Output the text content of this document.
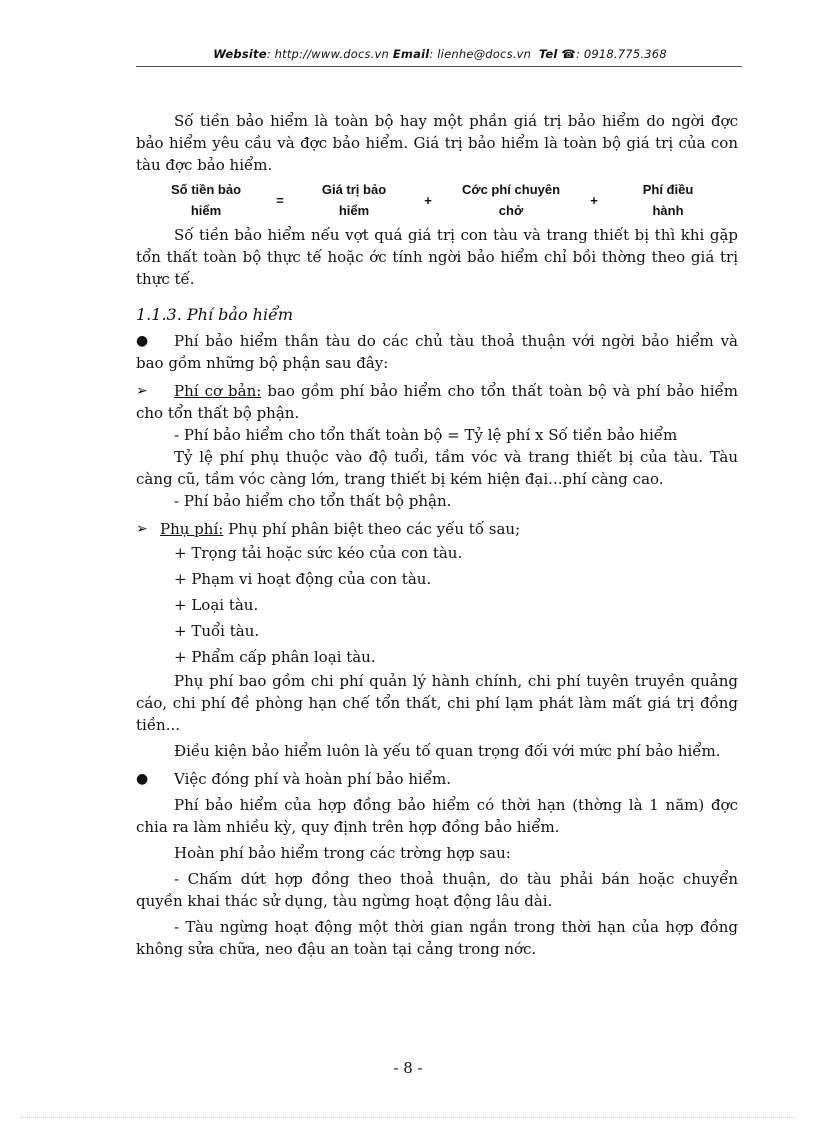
Website: http://www.docs.vn Email: lienhe@docs.vn Tel ☎: 0918.775.368

Số tiền bảo hiểm là toàn bộ hay một phần giá trị bảo hiểm do ngời đợc bảo hiểm yêu cầu và đợc bảo hiểm. Giá trị bảo hiểm là toàn bộ giá trị của con tàu đợc bảo hiểm.

Số tiền bảo
hiểm
=
Giá trị bảo
hiểm
+
Cớc phí chuyên
chở
+
Phí điều
hành

Số tiền bảo hiểm nếu vợt quá giá trị con tàu và trang thiết bị thì khi gặp tổn thất toàn bộ thực tế hoặc ớc tính ngời bảo hiểm chỉ bồi thờng theo giá trị thực tế.

1.1.3. Phí bảo hiểm

● Phí bảo hiểm thân tàu do các chủ tàu thoả thuận với ngời bảo hiểm và bao gồm những bộ phận sau đây:

➢ Phí cơ bản: bao gồm phí bảo hiểm cho tổn thất toàn bộ và phí bảo hiểm cho tổn thất bộ phận.

- Phí bảo hiểm cho tổn thất toàn bộ = Tỷ lệ phí x Số tiền bảo hiểm

Tỷ lệ phí phụ thuộc vào độ tuổi, tầm vóc và trang thiết bị của tàu. Tàu càng cũ, tầm vóc càng lớn, trang thiết bị kém hiện đại...phí càng cao.

- Phí bảo hiểm cho tổn thất bộ phận.

➢ Phụ phí: Phụ phí phân biệt theo các yếu tố sau;

+ Trọng tải hoặc sức kéo của con tàu.
+ Phạm vi hoạt động của con tàu.
+ Loại tàu.
+ Tuổi tàu.
+ Phẩm cấp phân loại tàu.

Phụ phí bao gồm chi phí quản lý hành chính, chi phí tuyên truyền quảng cáo, chi phí đề phòng hạn chế tổn thất, chi phí lạm phát làm mất giá trị đồng tiền...

Điều kiện bảo hiểm luôn là yếu tố quan trọng đối với mức phí bảo hiểm.

● Việc đóng phí và hoàn phí bảo hiểm.

Phí bảo hiểm của hợp đồng bảo hiểm có thời hạn (thờng là 1 năm) đợc chia ra làm nhiều kỳ, quy định trên hợp đồng bảo hiểm.

Hoàn phí bảo hiểm trong các trờng hợp sau:

- Chấm dứt hợp đồng theo thoả thuận, do tàu phải bán hoặc chuyển quyền khai thác sử dụng, tàu ngừng hoạt động lâu dài.

- Tàu ngừng hoạt động một thời gian ngắn trong thời hạn của hợp đồng không sửa chữa, neo đậu an toàn tại cảng trong nớc.

- 8 -
